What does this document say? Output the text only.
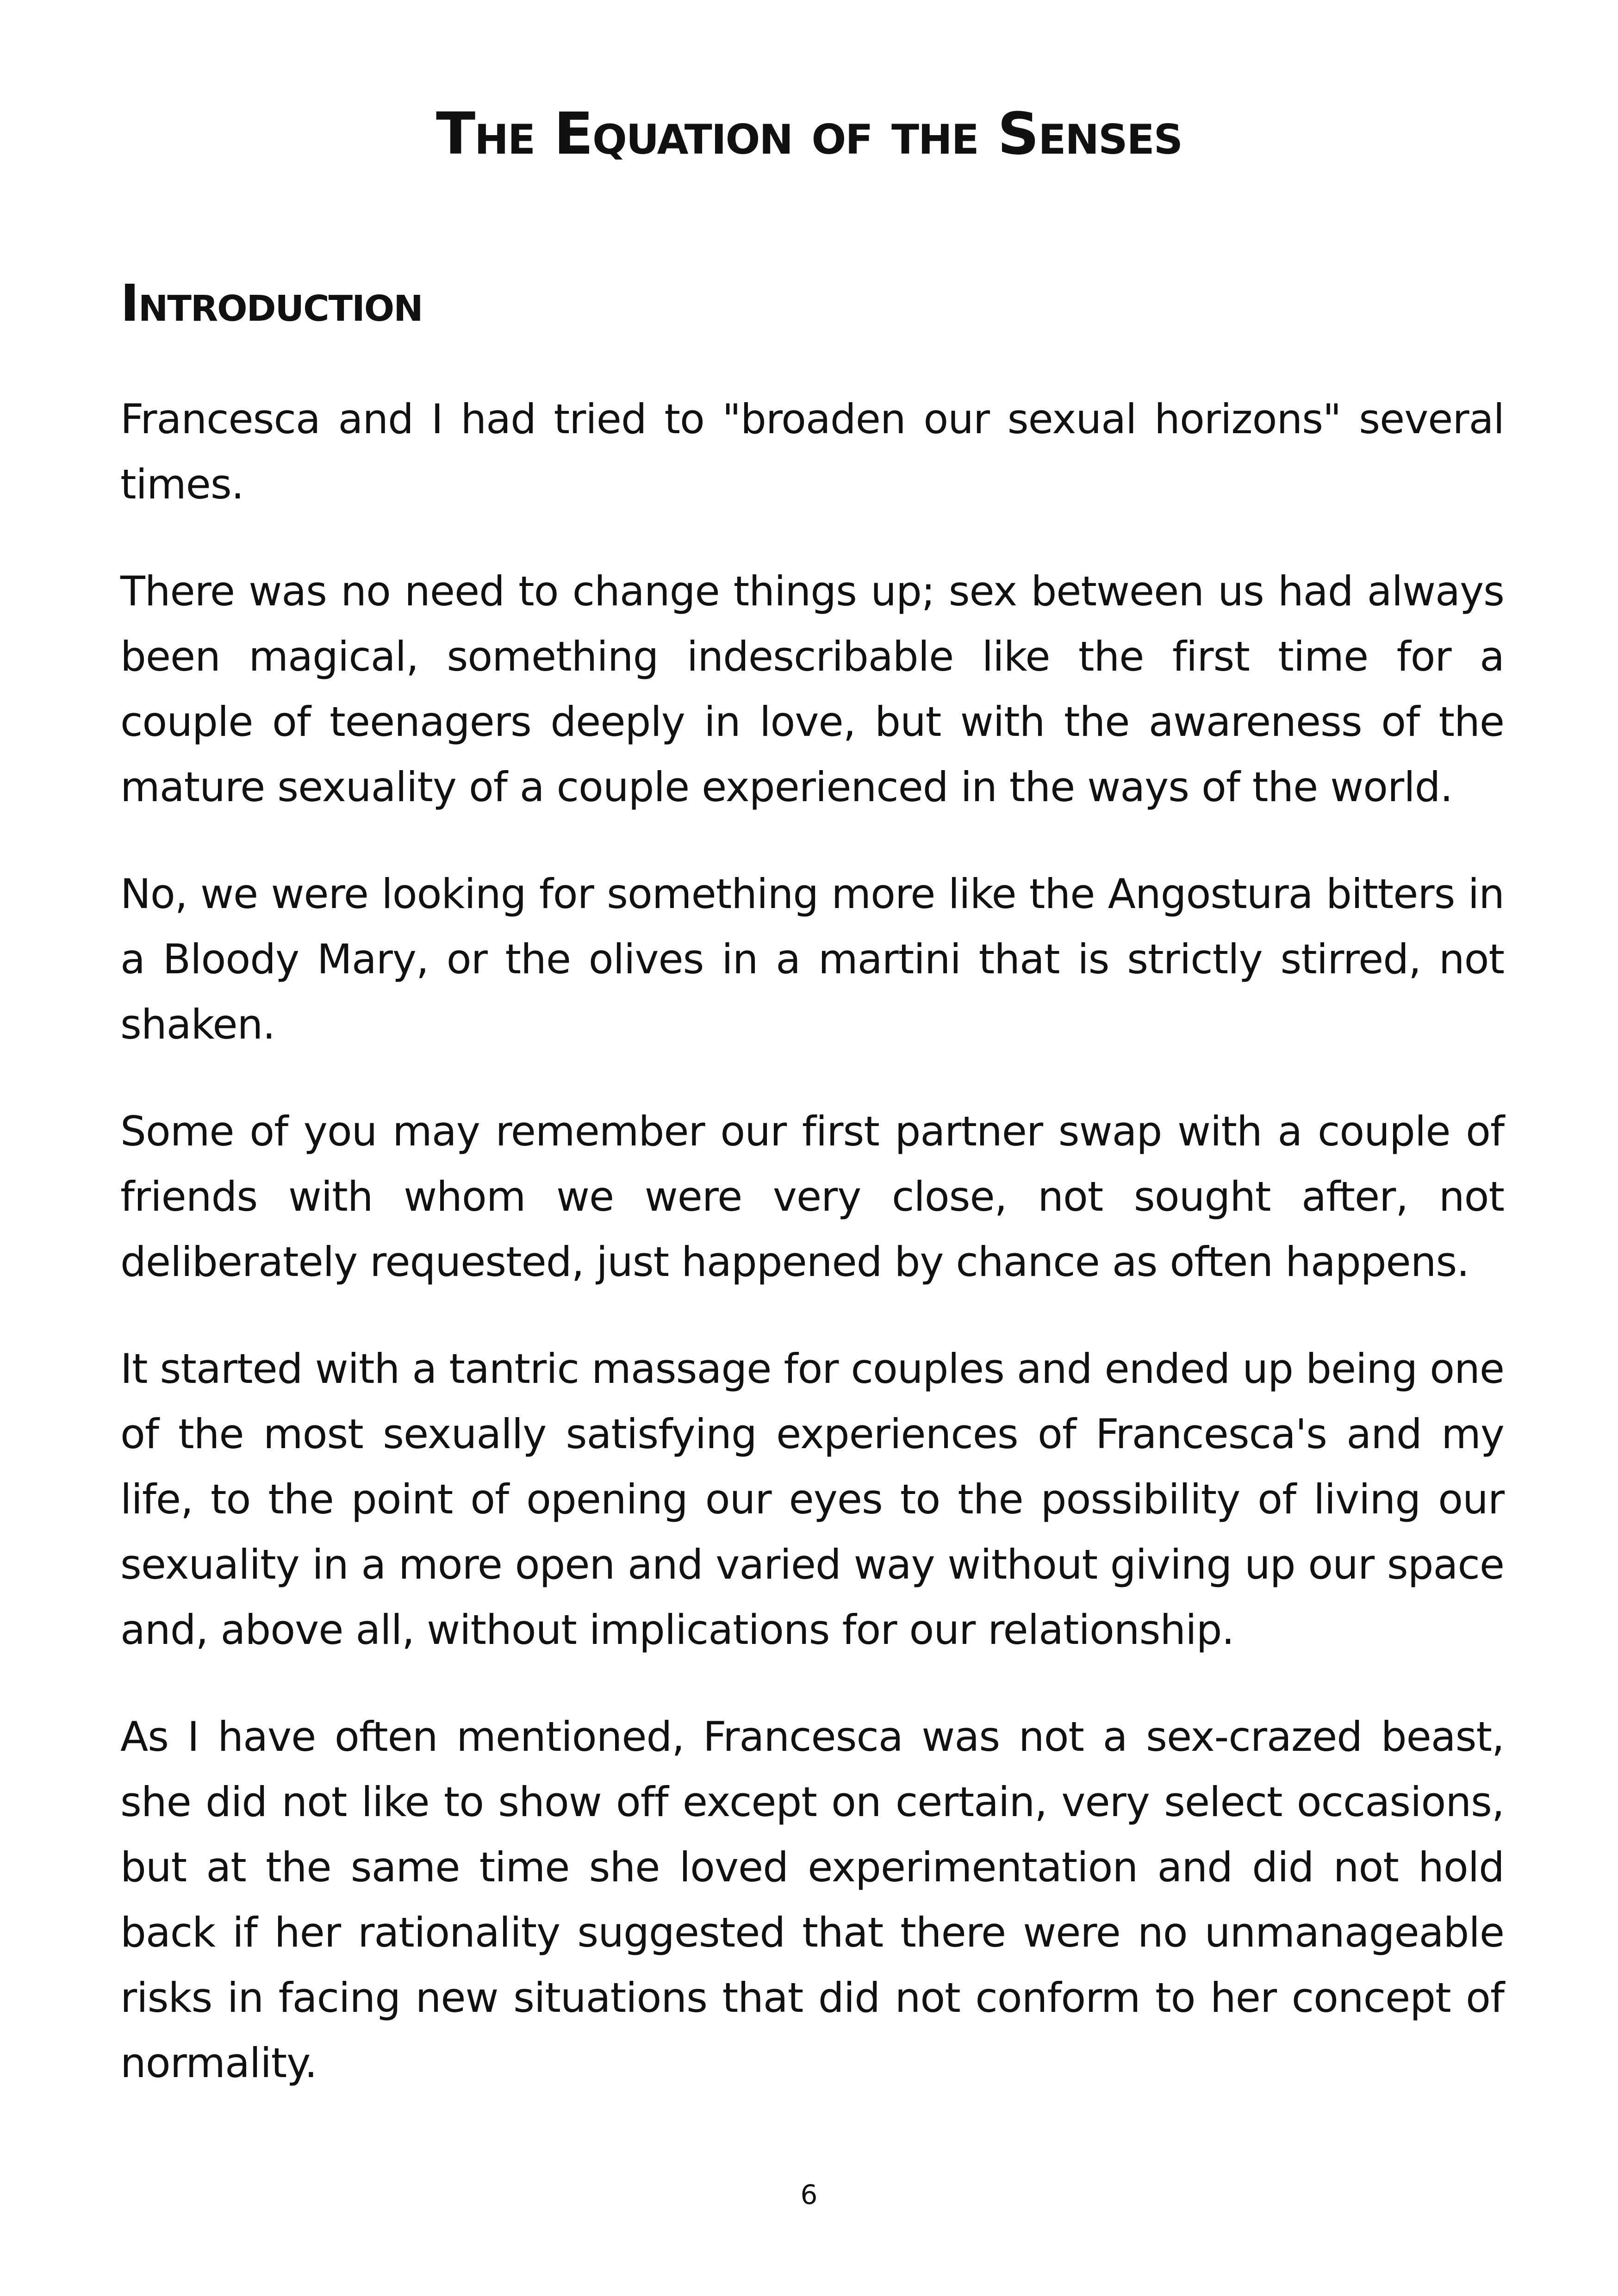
The Equation of the Senses
Introduction

Francesca and I had tried to "broaden our sexual horizons" several times.

There was no need to change things up; sex between us had always been magical, something indescribable like the first time for a couple of teenagers deeply in love, but with the awareness of the mature sexuality of a couple experienced in the ways of the world.

No, we were looking for something more like the Angostura bitters in a Bloody Mary, or the olives in a martini that is strictly stirred, not shaken.

Some of you may remember our first partner swap with a couple of friends with whom we were very close, not sought after, not deliberately requested, just happened by chance as often happens.

It started with a tantric massage for couples and ended up being one of the most sexually satisfying experiences of Francesca's and my life, to the point of opening our eyes to the possibility of living our sexuality in a more open and varied way without giving up our space and, above all, without implications for our relationship.

As I have often mentioned, Francesca was not a sex-crazed beast, she did not like to show off except on certain, very select occasions, but at the same time she loved experimentation and did not hold back if her rationality suggested that there were no unmanageable risks in facing new situations that did not conform to her concept of normality.

6
